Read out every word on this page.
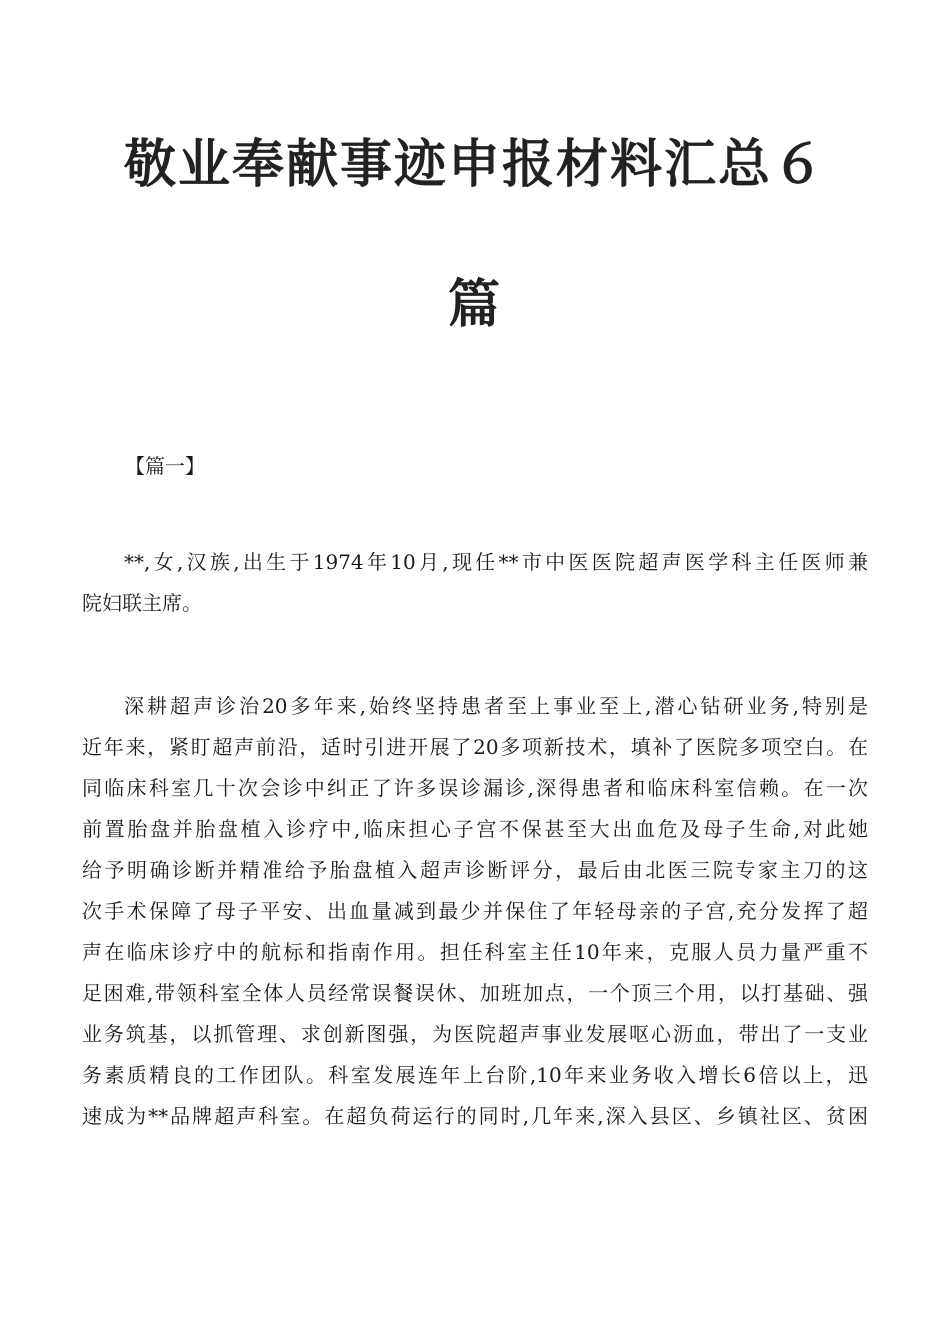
敬业奉献事迹申报材料汇总６
篇

【篇一】

**,女,汉族,出生于1974年10月,现任**市中医医院超声医学科主任医师兼
院妇联主席。

深耕超声诊治20多年来,始终坚持患者至上事业至上,潜心钻研业务,特别是
近年来，紧盯超声前沿，适时引进开展了20多项新技术，填补了医院多项空白。在
同临床科室几十次会诊中纠正了许多误诊漏诊,深得患者和临床科室信赖。在一次
前置胎盘并胎盘植入诊疗中,临床担心子宫不保甚至大出血危及母子生命,对此她
给予明确诊断并精准给予胎盘植入超声诊断评分，最后由北医三院专家主刀的这
次手术保障了母子平安、出血量减到最少并保住了年轻母亲的子宫,充分发挥了超
声在临床诊疗中的航标和指南作用。担任科室主任10年来，克服人员力量严重不
足困难,带领科室全体人员经常误餐误休、加班加点，一个顶三个用，以打基础、强
业务筑基，以抓管理、求创新图强，为医院超声事业发展呕心沥血，带出了一支业
务素质精良的工作团队。科室发展连年上台阶,10年来业务收入增长6倍以上，迅
速成为**品牌超声科室。在超负荷运行的同时,几年来,深入县区、乡镇社区、贫困
